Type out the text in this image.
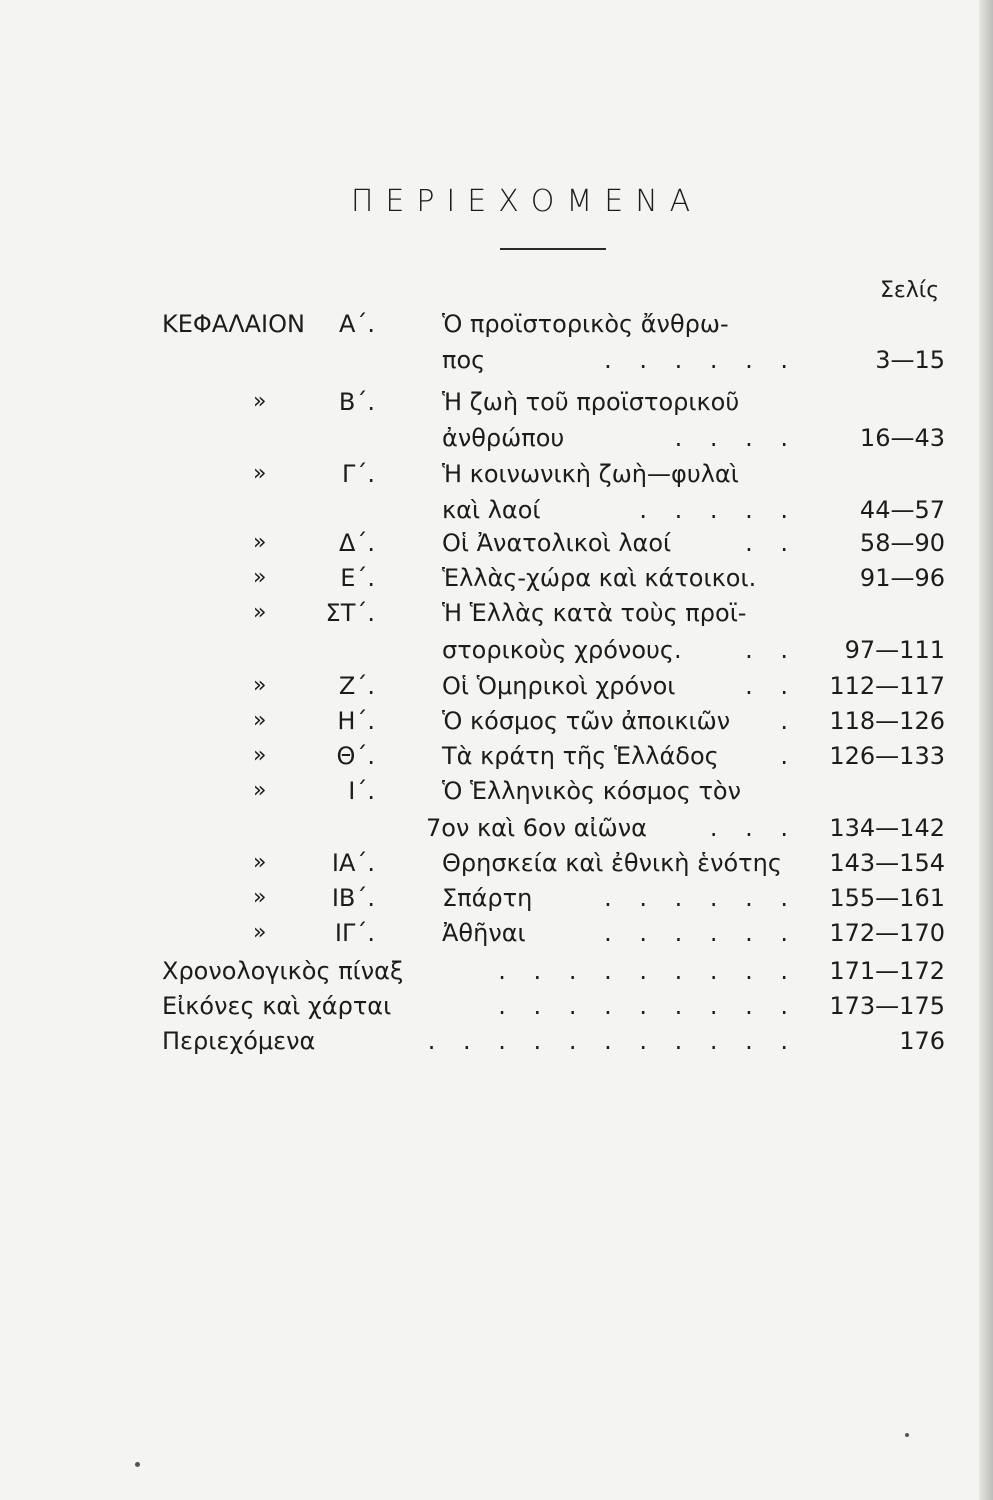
ΠΕΡΙΕΧΟΜΕΝΑ
Σελίς
ΚΕΦΑΛΑΙΟΝ Α΄.	Ὁ προϊστορικὸς ἄνθρω-
πος	. . . . . .	3—15
»	Β΄.	Ἡ ζωὴ τοῦ προϊστορικοῦ
ἀνθρώπου	. . . .	16—43
»	Γ΄.	Ἡ κοινωνικὴ ζωὴ—φυλαὶ
καὶ λαοί	. . . . .	44—57
»	Δ΄.	Οἱ Ἀνατολικοὶ λαοί	. .	58—90
»	Ε΄.	Ἑλλὰς-χώρα καὶ κάτοικοι.	91—96
» ΣΤ΄.	Ἡ Ἑλλὰς κατὰ τοὺς προϊ-
στορικοὺς χρόνους.	. . 97—111
»	Ζ΄.	Οἱ Ὁμηρικοὶ χρόνοι	. . 112—117
»	Η΄.	Ὁ κόσμος τῶν ἀποικιῶν . 118—126
»	Θ΄.	Τὰ κράτη τῆς Ἑλλάδος	. 126—133
»	Ι΄.	Ὁ Ἑλληνικὸς κόσμος τὸν
7ον καὶ 6ον αἰῶνα	. . . 134—142
»	ΙΑ΄.	Θρησκεία καὶ ἐθνικὴ ἑνότης 143—154
»	ΙΒ΄.	Σπάρτη	. . . . . . 155—161
»	ΙΓ΄.	Ἀθῆναι	. . . . . . 172—170
Χρονολογικὸς πίναξ	. . . . . . . . . 171—172
Εἰκόνες καὶ χάρται	. . . . . . . . . 173—175
Περιεχόμενα	. . . . . . . . . . .	176
